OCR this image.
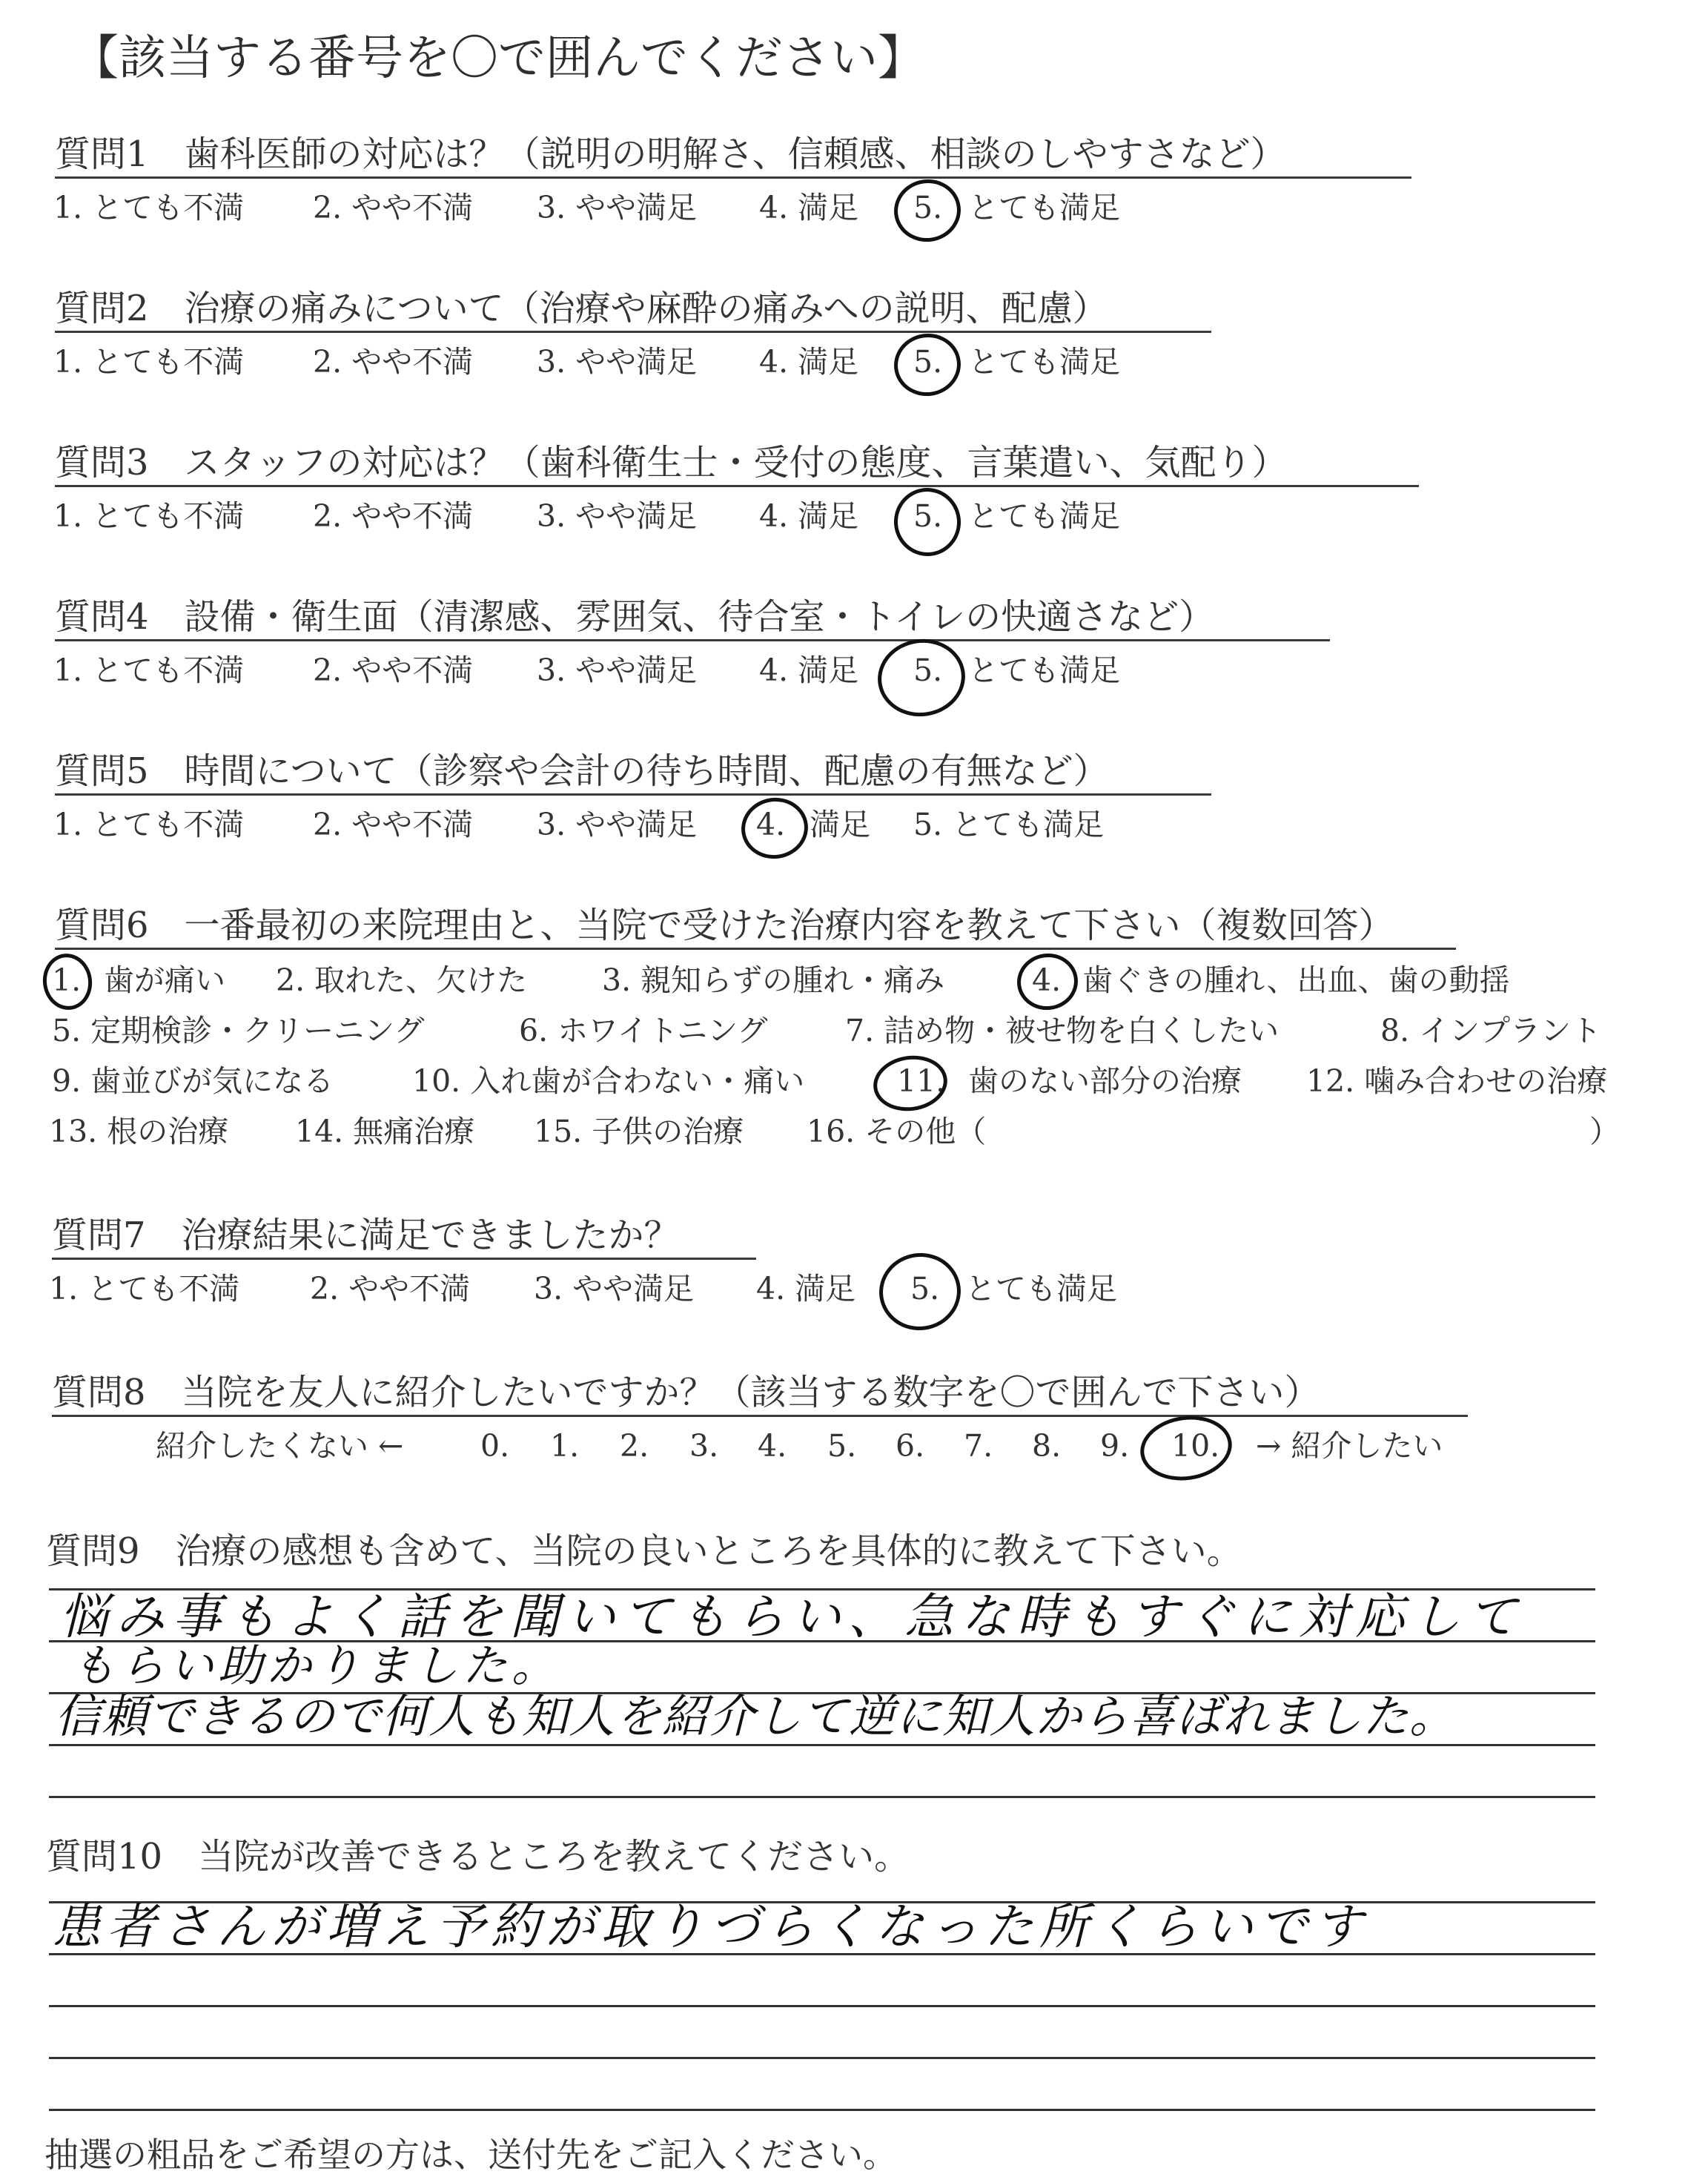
【該当する番号を〇で囲んでください】
質問1　歯科医師の対応は？（説明の明解さ、信頼感、相談のしやすさなど）
1. とても不満 2. やや不満 3. やや満足 4. 満足 5. とても満足
質問2　治療の痛みについて（治療や麻酔の痛みへの説明、配慮）
1. とても不満 2. やや不満 3. やや満足 4. 満足 5. とても満足
質問3　スタッフの対応は？（歯科衛生士・受付の態度、言葉遣い、気配り）
1. とても不満 2. やや不満 3. やや満足 4. 満足 5. とても満足
質問4　設備・衛生面（清潔感、雰囲気、待合室・トイレの快適さなど）
1. とても不満 2. やや不満 3. やや満足 4. 満足 5. とても満足
質問5　時間について（診察や会計の待ち時間、配慮の有無など）
1. とても不満 2. やや不満 3. やや満足 4. 満足 5. とても満足
質問6　一番最初の来院理由と、当院で受けた治療内容を教えて下さい（複数回答）
1. 歯が痛い 2. 取れた、欠けた 3. 親知らずの腫れ・痛み	4. 歯ぐきの腫れ、出血、歯の動揺
5. 定期検診・クリーニング	6. ホワイトニング	7. 詰め物・被せ物を白くしたい	8. インプラント
9. 歯並びが気になる	10. 入れ歯が合わない・痛い	11. 歯のない部分の治療 12. 噛み合わせの治療
13. 根の治療 14. 無痛治療 15. 子供の治療 16. その他（	）
質問7　治療結果に満足できましたか？
1. とても不満 2. やや不満 3. やや満足 4. 満足 5. とても満足
質問8　当院を友人に紹介したいですか？（該当する数字を〇で囲んで下さい）
紹介したくない ←	0. 1. 2. 3. 4. 5. 6. 7. 8. 9. 10. → 紹介したい
質問9　治療の感想も含めて、当院の良いところを具体的に教えて下さい。
悩み事もよく話を聞いてもらい、急な時もすぐに対応して
もらい助かりました。
信頼できるので何人も知人を紹介して逆に知人から喜ばれました。
質問10　当院が改善できるところを教えてください。
患者さんが増え予約が取りづらくなった所くらいです
抽選の粗品をご希望の方は、送付先をご記入ください。
